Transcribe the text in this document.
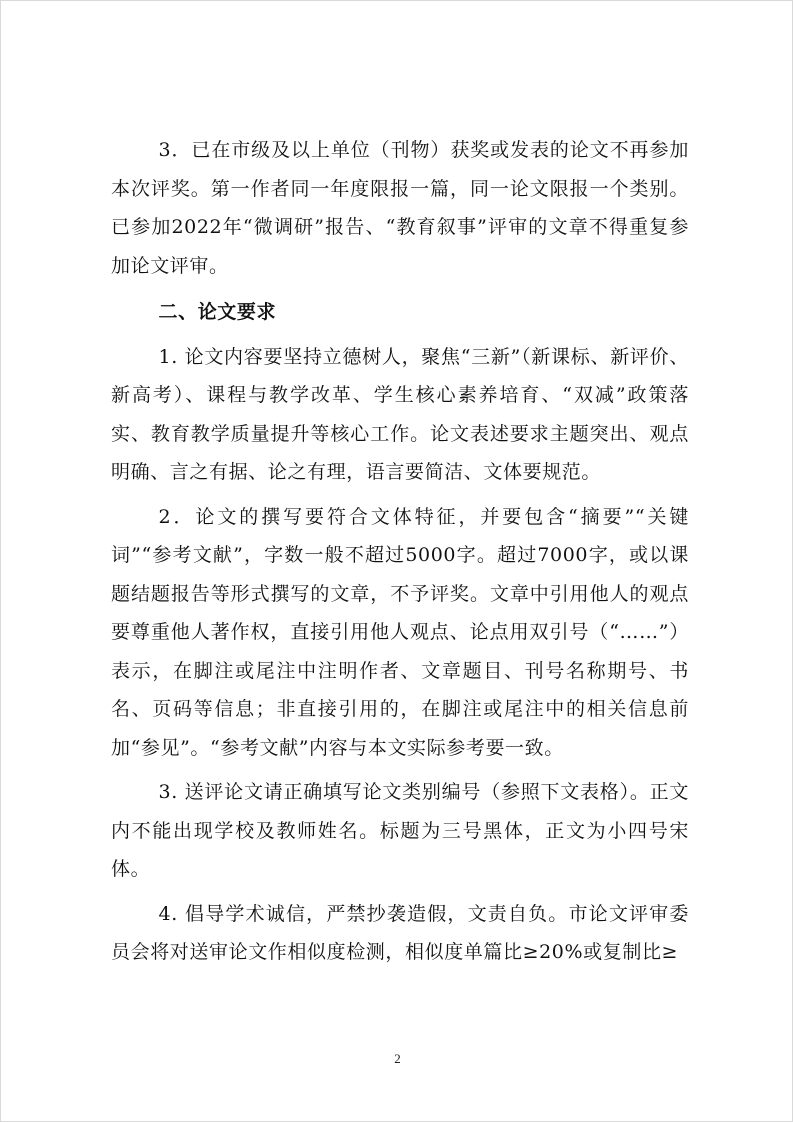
3．已在市级及以上单位（刊物）获奖或发表的论文不再参加本次评奖。第一作者同一年度限报一篇，同一论文限报一个类别。已参加2022年“微调研”报告、“教育叙事”评审的文章不得重复参加论文评审。

二、论文要求

1. 论文内容要坚持立德树人，聚焦“三新”（新课标、新评价、新高考）、课程与教学改革、学生核心素养培育、“双减”政策落实、教育教学质量提升等核心工作。论文表述要求主题突出、观点明确、言之有据、论之有理，语言要简洁、文体要规范。

2．论文的撰写要符合文体特征，并要包含“摘要”“关键词”“参考文献”，字数一般不超过5000字。超过7000字，或以课题结题报告等形式撰写的文章，不予评奖。文章中引用他人的观点要尊重他人著作权，直接引用他人观点、论点用双引号（“……”）表示，在脚注或尾注中注明作者、文章题目、刊号名称期号、书名、页码等信息；非直接引用的，在脚注或尾注中的相关信息前加“参见”。“参考文献”内容与本文实际参考要一致。

3. 送评论文请正确填写论文类别编号（参照下文表格）。正文内不能出现学校及教师姓名。标题为三号黑体，正文为小四号宋体。

4. 倡导学术诚信，严禁抄袭造假，文责自负。市论文评审委员会将对送审论文作相似度检测，相似度单篇比≥20%或复制比≥

2
